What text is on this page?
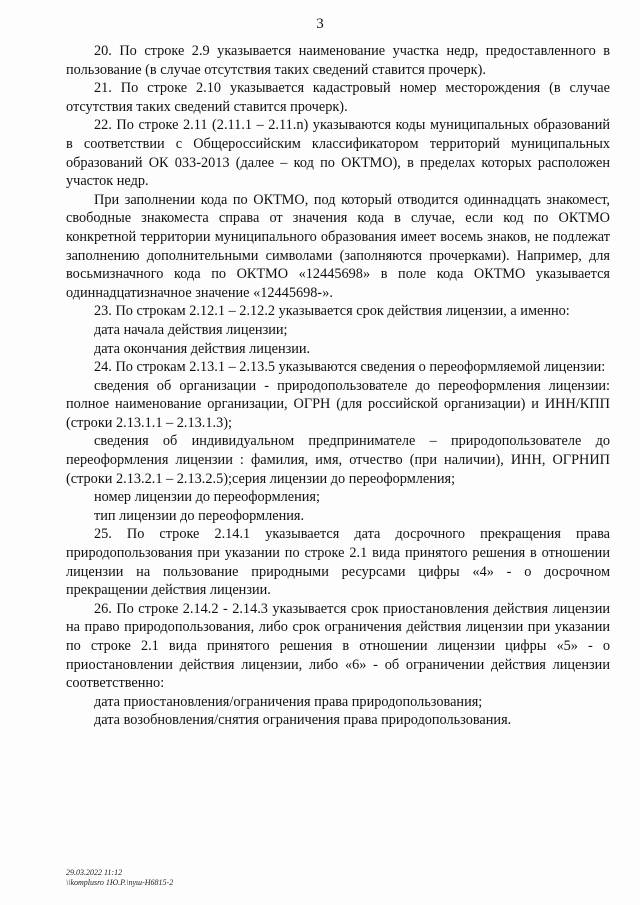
3

20. По строке 2.9 указывается наименование участка недр, предоставленного в пользование (в случае отсутствия таких сведений ставится прочерк).

21. По строке 2.10 указывается кадастровый номер месторождения (в случае отсутствия таких сведений ставится прочерк).

22. По строке 2.11 (2.11.1 – 2.11.n) указываются коды муниципальных образований в соответствии с Общероссийским классификатором территорий муниципальных образований ОК 033-2013 (далее – код по ОКТМО), в пределах которых расположен участок недр.

При заполнении кода по ОКТМО, под который отводится одиннадцать знакомест, свободные знакоместа справа от значения кода в случае, если код по ОКТМО конкретной территории муниципального образования имеет восемь знаков, не подлежат заполнению дополнительными символами (заполняются прочерками). Например, для восьмизначного кода по ОКТМО «12445698» в поле кода ОКТМО указывается одиннадцатизначное значение «12445698-».

23. По строкам 2.12.1 – 2.12.2 указывается срок действия лицензии, а именно:

дата начала действия лицензии;

дата окончания действия лицензии.

24. По строкам 2.13.1 – 2.13.5 указываются сведения о переоформляемой лицензии:

сведения об организации - природопользователе до переоформления лицензии: полное наименование организации, ОГРН (для российской организации) и ИНН/КПП (строки 2.13.1.1 – 2.13.1.3);

сведения об индивидуальном предпринимателе – природопользователе до переоформления лицензии : фамилия, имя, отчество (при наличии), ИНН, ОГРНИП (строки 2.13.2.1 – 2.13.2.5);серия лицензии до переоформления;

номер лицензии до переоформления;

тип лицензии до переоформления.

25. По строке 2.14.1 указывается дата досрочного прекращения права природопользования при указании по строке 2.1 вида принятого решения в отношении лицензии на пользование природными ресурсами цифры «4» - о досрочном прекращении действия лицензии.

26. По строке 2.14.2 - 2.14.3 указывается срок приостановления действия лицензии на право природопользования, либо срок ограничения действия лицензии при указании по строке 2.1 вида принятого решения в отношении лицензии цифры «5» - о приостановлении действия лицензии, либо «6» - об ограничении действия лицензии соответственно:

дата приостановления/ограничения права природопользования;

дата возобновления/снятия ограничения права природопользования.

29.03.2022 11:12
\\komplusro 1Ю.Р.\пуш-Н6815-2
